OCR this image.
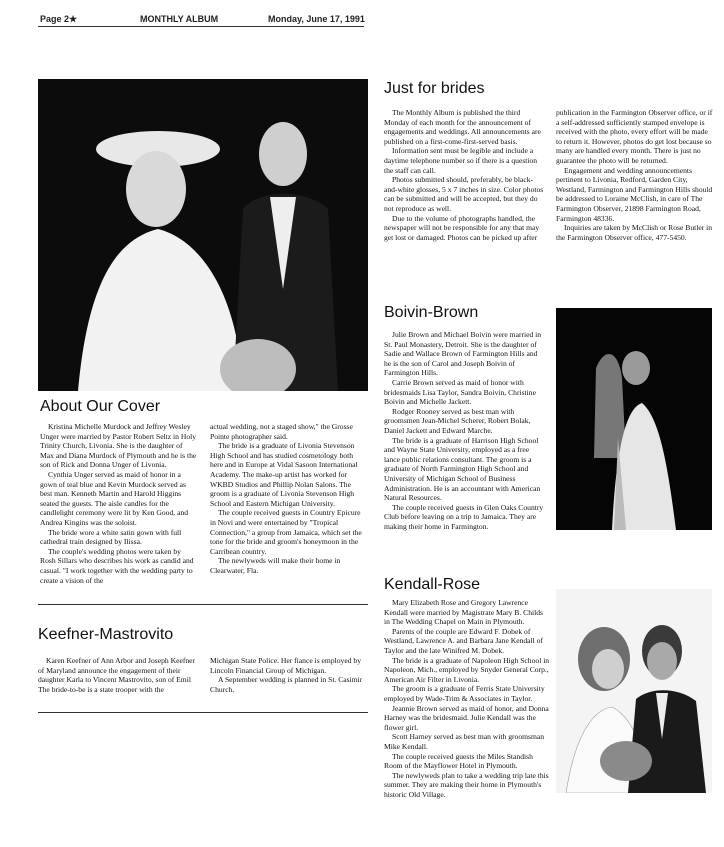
Page 2★	MONTHLY ALBUM	Monday, June 17, 1991
About Our Cover

Kristina Michelle Murdock and Jeffrey Wesley Unger were married by Pastor Robert Seltz in Holy Trinity Church, Livonia. She is the daughter of Max and Diana Murdock of Plymouth and he is the son of Rick and Donna Unger of Livonia.

Cynthia Unger served as maid of honor in a gown of teal blue and Kevin Murdock served as best man. Kenneth Martin and Harold Higgins seated the guests. The aisle candles for the candlelight ceremony were lit by Ken Good, and Andrea Kingins was the soloist.

The bride wore a white satin gown with full cathedral train designed by Ilissa.

The couple's wedding photos were taken by Rosh Sillars who describes his work as candid and casual. "I work together with the wedding party to create a vision of the

actual wedding, not a staged show," the Grosse Pointe photographer said.

The bride is a graduate of Livonia Stevenson High School and has studied cosmetology both here and in Europe at Vidal Sasoon International Academy. The make-up artist has worked for WKBD Studios and Phillip Nolan Salons. The groom is a graduate of Livonia Stevenson High School and Eastern Michigan University.

The couple received guests in Country Epicure in Novi and were entertained by "Tropical Connection," a group from Jamaica, which set the tone for the bride and groom's honeymoon in the Carribean country.

The newlyweds will make their home in Clearwater, Fla.

Keefner-Mastrovito

Karen Keefner of Ann Arbor and Joseph Keefner of Maryland announce the engagement of their daughter Karla to Vincent Mastrovito, son of Emil The bride-to-be is a state trooper with the

Michigan State Police. Her fiance is employed by Lincoln Financial Group of Michigan.

A September wedding is planned in St. Casimir Church.

Just for brides

The Monthly Album is published the third Monday of each month for the announcement of engagements and weddings. All announcements are published on a first-come-first-served basis.

Information sent must be legible and include a daytime telephone number so if there is a question the staff can call.

Photos submitted should, preferably, be black-and-white glosses, 5 x 7 inches in size. Color photos can be submitted and will be accepted, but they do not reproduce as well.

Due to the volume of photographs handled, the newspaper will not be responsible for any that may get lost or damaged. Photos can be picked up after

publication in the Farmington Observer office, or if a self-addressed sufficiently stamped envelope is received with the photo, every effort will be made to return it. However, photos do get lost because so many are handled every month. There is just no guarantee the photo will be returned.

Engagement and wedding announcements pertinent to Livonia, Redford, Garden City, Westland, Farmington and Farmington Hills should be addressed to Loraine McClish, in care of The Farmington Observer, 21898 Farmington Road, Farmington 48336.

Inquiries are taken by McClish or Rose Butler in the Farmington Observer office, 477-5450.

Boivin-Brown

Julie Brown and Michael Boivin were married in St. Paul Monastery, Detroit. She is the daughter of Sadie and Wallace Brown of Farmington Hills and he is the son of Carol and Joseph Boivin of Farmington Hills.

Carrie Brown served as maid of honor with bridesmaids Lisa Taylor, Sandra Boivin, Christine Boivin and Michelle Jackett.

Rodger Rooney served as best man with groomsmen Jean-Michel Scherer, Robert Bolak, Daniel Jackett and Edward Marche.

The bride is a graduate of Harrison High School and Wayne State University, employed as a free lance public relations consultant. The groom is a graduate of North Farmington High School and University of Michigan School of Business Administration. He is an accountant with American Natural Resources.

The couple received guests in Glen Oaks Country Club before leaving on a trip to Jamaica. They are making their home in Farmington.

Kendall-Rose

Mary Elizabeth Rose and Gregory Lawrence Kendall were married by Magistrate Mary B. Childs in The Wedding Chapel on Main in Plymouth.

Parents of the couple are Edward F. Dobek of Westland, Lawrence A. and Barbara Jane Kendall of Taylor and the late Winifred M. Dobek.

The bride is a graduate of Napoleon High School in Napoleon, Mich., employed by Snyder General Corp., American Air Filter in Livonia.

The groom is a graduate of Ferris State University employed by Wade-Trim & Associates in Taylor.

Jeannie Brown served as maid of honor, and Donna Harney was the bridesmaid. Julie Kendall was the flower girl.

Scott Harney served as best man with groomsman Mike Kendall.

The couple received guests the Miles Standish Room of the Mayflower Hotel in Plymouth.

The newlyweds plan to take a wedding trip late this summer. They are making their home in Plymouth's historic Old Village.
